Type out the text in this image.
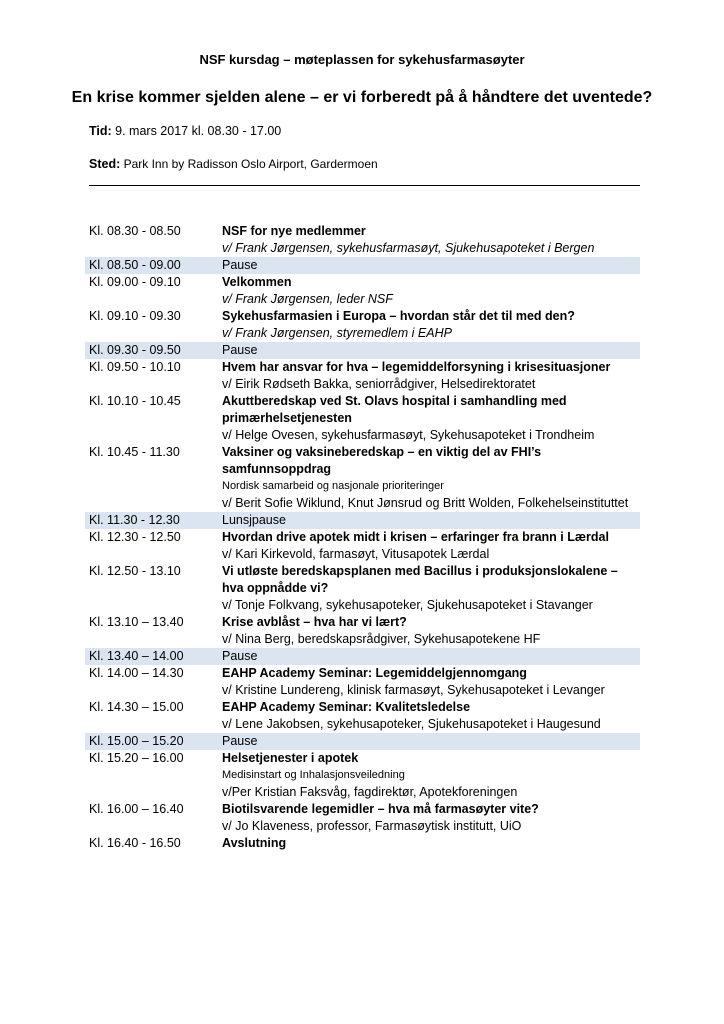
NSF kursdag – møteplassen for sykehusfarmasøyter
En krise kommer sjelden alene – er vi forberedt på å håndtere det uventede?
Tid: 9. mars 2017 kl. 08.30 - 17.00
Sted: Park Inn by Radisson Oslo Airport, Gardermoen
Kl. 08.30 - 08.50	NSF for nye medlemmer
v/ Frank Jørgensen, sykehusfarmasøyt, Sjukehusapoteket i Bergen
Kl. 08.50 - 09.00	Pause
Kl. 09.00 - 09.10	Velkommen
v/ Frank Jørgensen, leder NSF
Kl. 09.10 - 09.30	Sykehusfarmasien i Europa – hvordan står det til med den?
v/ Frank Jørgensen, styremedlem i EAHP
Kl. 09.30 - 09.50	Pause
Kl. 09.50 - 10.10	Hvem har ansvar for hva – legemiddelforsyning i krisesituasjoner
v/ Eirik Rødseth Bakka, seniorrådgiver, Helsedirektoratet
Kl. 10.10 - 10.45	Akuttberedskap ved St. Olavs hospital i samhandling med primærhelsetjenesten
v/ Helge Ovesen, sykehusfarmasøyt, Sykehusapoteket i Trondheim
Kl. 10.45 - 11.30	Vaksiner og vaksineberedskap – en viktig del av FHI’s samfunnsoppdrag
Nordisk samarbeid og nasjonale prioriteringer
v/ Berit Sofie Wiklund, Knut Jønsrud og Britt Wolden, Folkehelseinstituttet
Kl. 11.30 - 12.30	Lunsjpause
Kl. 12.30 - 12.50	Hvordan drive apotek midt i krisen – erfaringer fra brann i Lærdal
v/ Kari Kirkevold, farmasøyt, Vitusapotek Lærdal
Kl. 12.50 - 13.10	Vi utløste beredskapsplanen med Bacillus i produksjonslokalene – hva oppnådde vi?
v/ Tonje Folkvang, sykehusapoteker, Sjukehusapoteket i Stavanger
Kl. 13.10 – 13.40	Krise avblåst – hva har vi lært?
v/ Nina Berg, beredskapsrådgiver, Sykehusapotekene HF
Kl. 13.40 – 14.00	Pause
Kl. 14.00 – 14.30	EAHP Academy Seminar: Legemiddelgjennomgang
v/ Kristine Lundereng, klinisk farmasøyt, Sykehusapoteket i Levanger
Kl. 14.30 – 15.00	EAHP Academy Seminar: Kvalitetsledelse
v/ Lene Jakobsen, sykehusapoteker, Sjukehusapoteket i Haugesund
Kl. 15.00 – 15.20	Pause
Kl. 15.20 – 16.00	Helsetjenester i apotek
Medisinstart og Inhalasjonsveiledning
v/Per Kristian Faksvåg, fagdirektør, Apotekforeningen
Kl. 16.00 – 16.40	Biotilsvarende legemidler – hva må farmasøyter vite?
v/ Jo Klaveness, professor, Farmasøytisk institutt, UiO
Kl. 16.40 - 16.50	Avslutning
